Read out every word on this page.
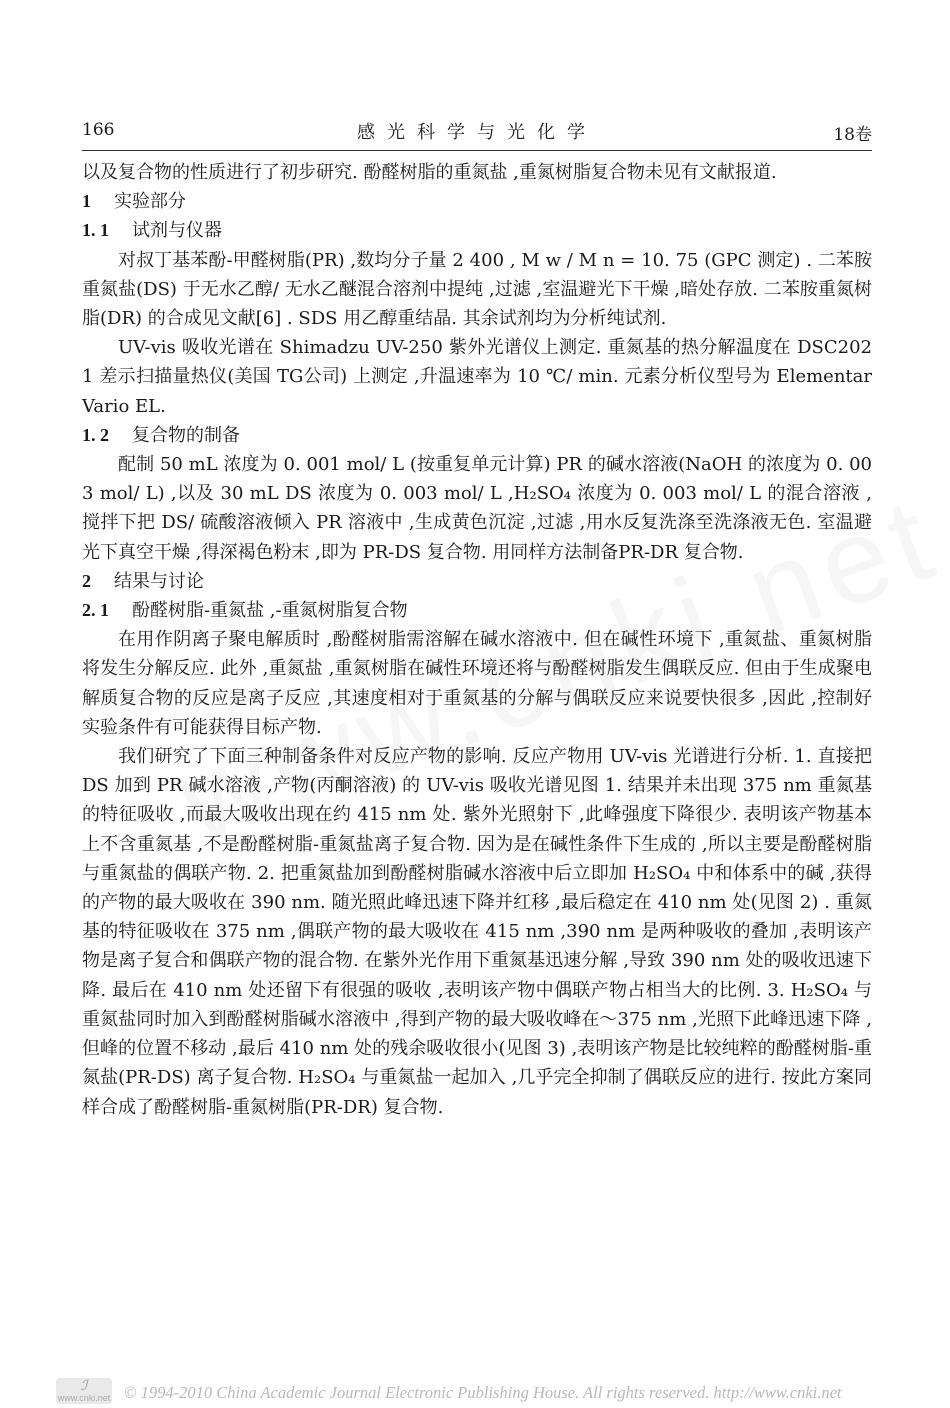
166	感光科学与光化学	18卷

以及复合物的性质进行了初步研究. 酚醛树脂的重氮盐 ,重氮树脂复合物未见有文献报道.

1 实验部分
1. 1 试剂与仪器

对叔丁基苯酚-甲醛树脂(PR) ,数均分子量 2 400 , M w / M n = 10. 75 (GPC 测定) . 二苯胺重氮盐(DS) 于无水乙醇/ 无水乙醚混合溶剂中提纯 ,过滤 ,室温避光下干燥 ,暗处存放. 二苯胺重氮树脂(DR) 的合成见文献[6] . SDS 用乙醇重结晶. 其余试剂均为分析纯试剂.

UV-vis 吸收光谱在 Shimadzu UV-250 紫外光谱仪上测定. 重氮基的热分解温度在 DSC2021 差示扫描量热仪(美国 TG公司) 上测定 ,升温速率为 10 ℃/ min. 元素分析仪型号为 Elementar Vario EL.

1. 2 复合物的制备

配制 50 mL 浓度为 0. 001 mol/ L (按重复单元计算) PR 的碱水溶液(NaOH 的浓度为 0. 003 mol/ L) ,以及 30 mL DS 浓度为 0. 003 mol/ L ,H₂SO₄ 浓度为 0. 003 mol/ L 的混合溶液 ,搅拌下把 DS/ 硫酸溶液倾入 PR 溶液中 ,生成黄色沉淀 ,过滤 ,用水反复洗涤至洗涤液无色. 室温避光下真空干燥 ,得深褐色粉末 ,即为 PR-DS 复合物. 用同样方法制备PR-DR 复合物.

2 结果与讨论
2. 1 酚醛树脂-重氮盐 ,-重氮树脂复合物

在用作阴离子聚电解质时 ,酚醛树脂需溶解在碱水溶液中. 但在碱性环境下 ,重氮盐、重氮树脂将发生分解反应. 此外 ,重氮盐 ,重氮树脂在碱性环境还将与酚醛树脂发生偶联反应. 但由于生成聚电解质复合物的反应是离子反应 ,其速度相对于重氮基的分解与偶联反应来说要快很多 ,因此 ,控制好实验条件有可能获得目标产物.

我们研究了下面三种制备条件对反应产物的影响. 反应产物用 UV-vis 光谱进行分析. 1. 直接把 DS 加到 PR 碱水溶液 ,产物(丙酮溶液) 的 UV-vis 吸收光谱见图 1. 结果并未出现 375 nm 重氮基的特征吸收 ,而最大吸收出现在约 415 nm 处. 紫外光照射下 ,此峰强度下降很少. 表明该产物基本上不含重氮基 ,不是酚醛树脂-重氮盐离子复合物. 因为是在碱性条件下生成的 ,所以主要是酚醛树脂与重氮盐的偶联产物. 2. 把重氮盐加到酚醛树脂碱水溶液中后立即加 H₂SO₄ 中和体系中的碱 ,获得的产物的最大吸收在 390 nm. 随光照此峰迅速下降并红移 ,最后稳定在 410 nm 处(见图 2) . 重氮基的特征吸收在 375 nm ,偶联产物的最大吸收在 415 nm ,390 nm 是两种吸收的叠加 ,表明该产物是离子复合和偶联产物的混合物. 在紫外光作用下重氮基迅速分解 ,导致 390 nm 处的吸收迅速下降. 最后在 410 nm 处还留下有很强的吸收 ,表明该产物中偶联产物占相当大的比例. 3. H₂SO₄ 与重氮盐同时加入到酚醛树脂碱水溶液中 ,得到产物的最大吸收峰在～375 nm ,光照下此峰迅速下降 ,但峰的位置不移动 ,最后 410 nm 处的残余吸收很小(见图 3) ,表明该产物是比较纯粹的酚醛树脂-重氮盐(PR-DS) 离子复合物. H₂SO₄ 与重氮盐一起加入 ,几乎完全抑制了偶联反应的进行. 按此方案同样合成了酚醛树脂-重氮树脂(PR-DR) 复合物.

ℐ
www.cnki.net © 1994-2010 China Academic Journal Electronic Publishing House. All rights reserved. http://www.cnki.net
